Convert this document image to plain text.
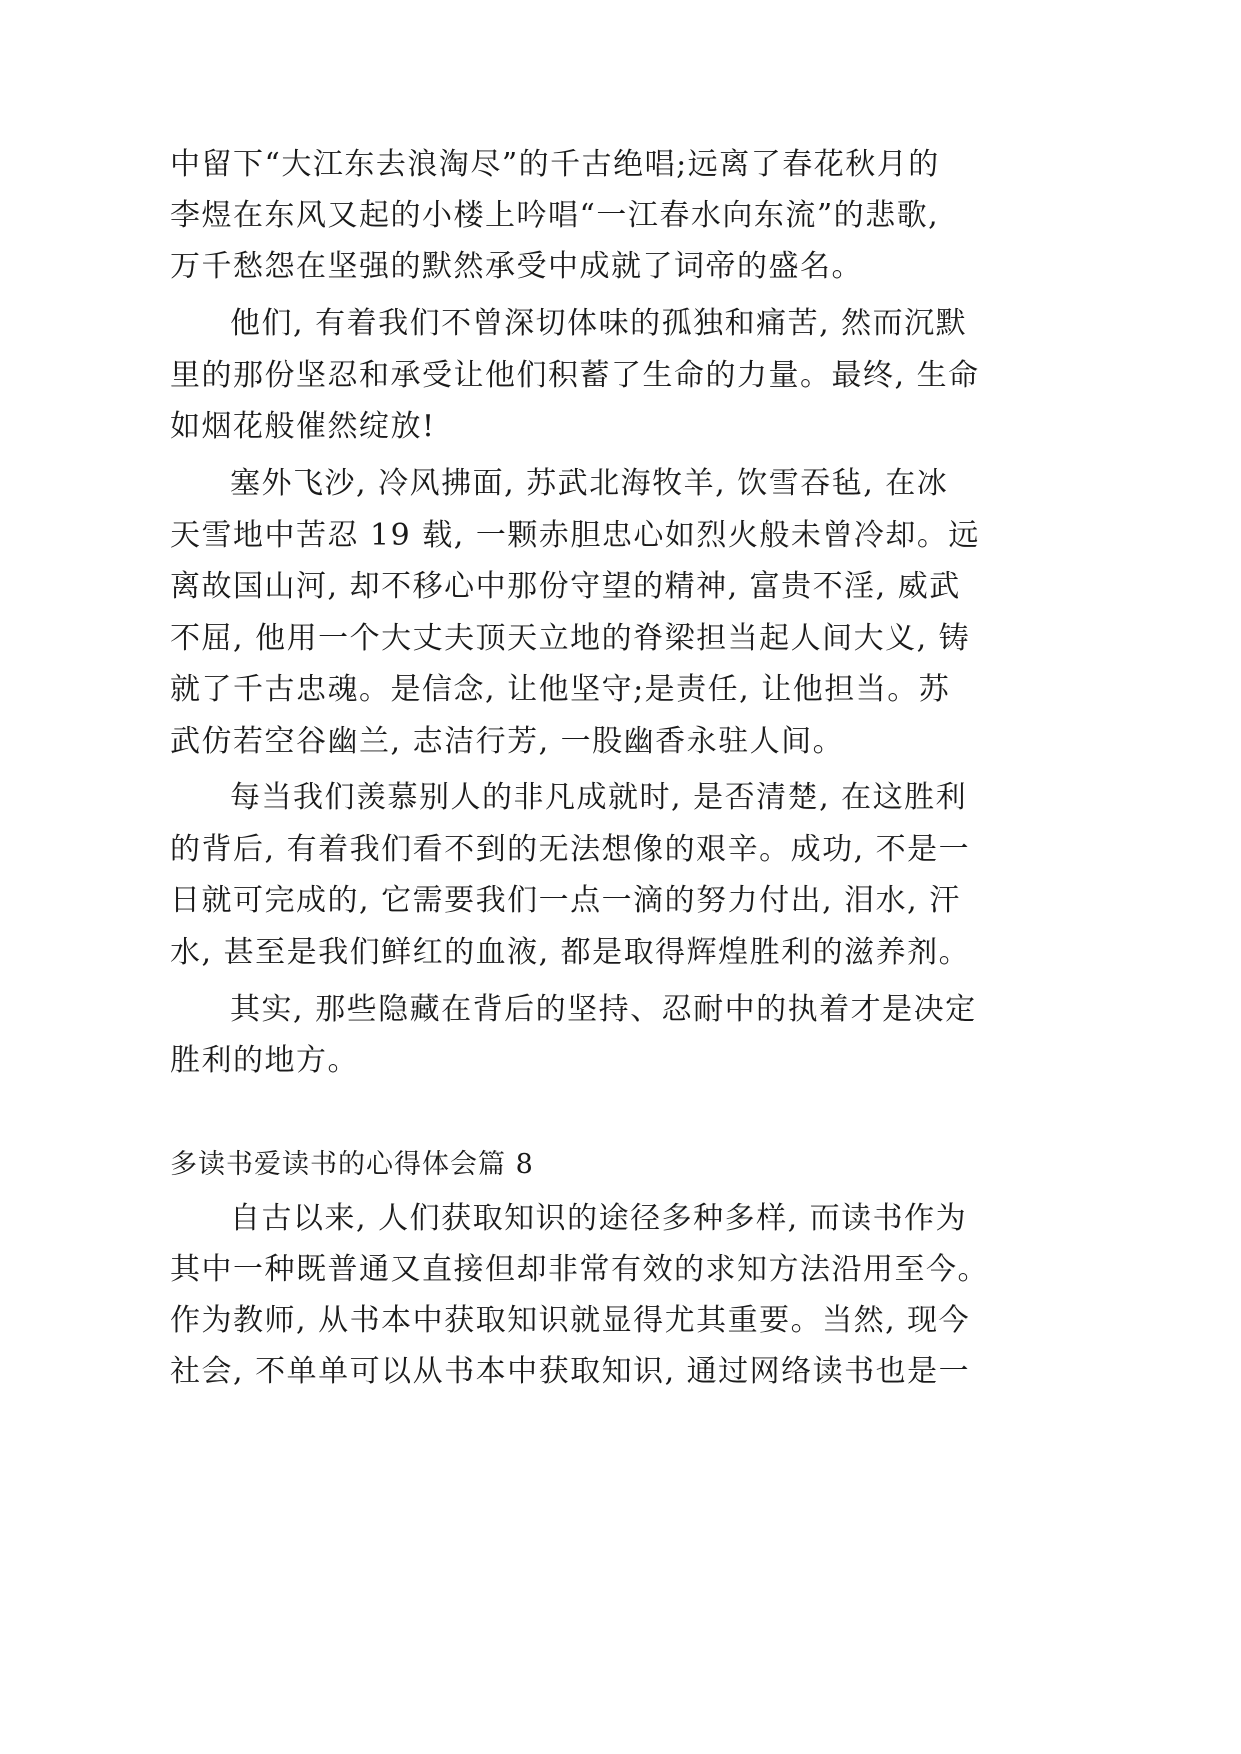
中留下“大江东去浪淘尽”的千古绝唱;远离了春花秋月的
李煜在东风又起的小楼上吟唱“一江春水向东流”的悲歌,
万千愁怨在坚强的默然承受中成就了词帝的盛名。
他们, 有着我们不曾深切体味的孤独和痛苦, 然而沉默
里的那份坚忍和承受让他们积蓄了生命的力量。最终, 生命
如烟花般催然绽放!
塞外飞沙, 冷风拂面, 苏武北海牧羊, 饮雪吞毡, 在冰
天雪地中苦忍 19 载, 一颗赤胆忠心如烈火般未曾冷却。远
离故国山河, 却不移心中那份守望的精神, 富贵不淫, 威武
不屈, 他用一个大丈夫顶天立地的脊梁担当起人间大义, 铸
就了千古忠魂。是信念, 让他坚守;是责任, 让他担当。苏
武仿若空谷幽兰, 志洁行芳, 一股幽香永驻人间。
每当我们羡慕别人的非凡成就时, 是否清楚, 在这胜利
的背后, 有着我们看不到的无法想像的艰辛。成功, 不是一
日就可完成的, 它需要我们一点一滴的努力付出, 泪水, 汗
水, 甚至是我们鲜红的血液, 都是取得辉煌胜利的滋养剂。
其实, 那些隐藏在背后的坚持、忍耐中的执着才是决定
胜利的地方。
多读书爱读书的心得体会篇 8
自古以来, 人们获取知识的途径多种多样, 而读书作为
其中一种既普通又直接但却非常有效的求知方法沿用至今。
作为教师, 从书本中获取知识就显得尤其重要。当然, 现今
社会, 不单单可以从书本中获取知识, 通过网络读书也是一
